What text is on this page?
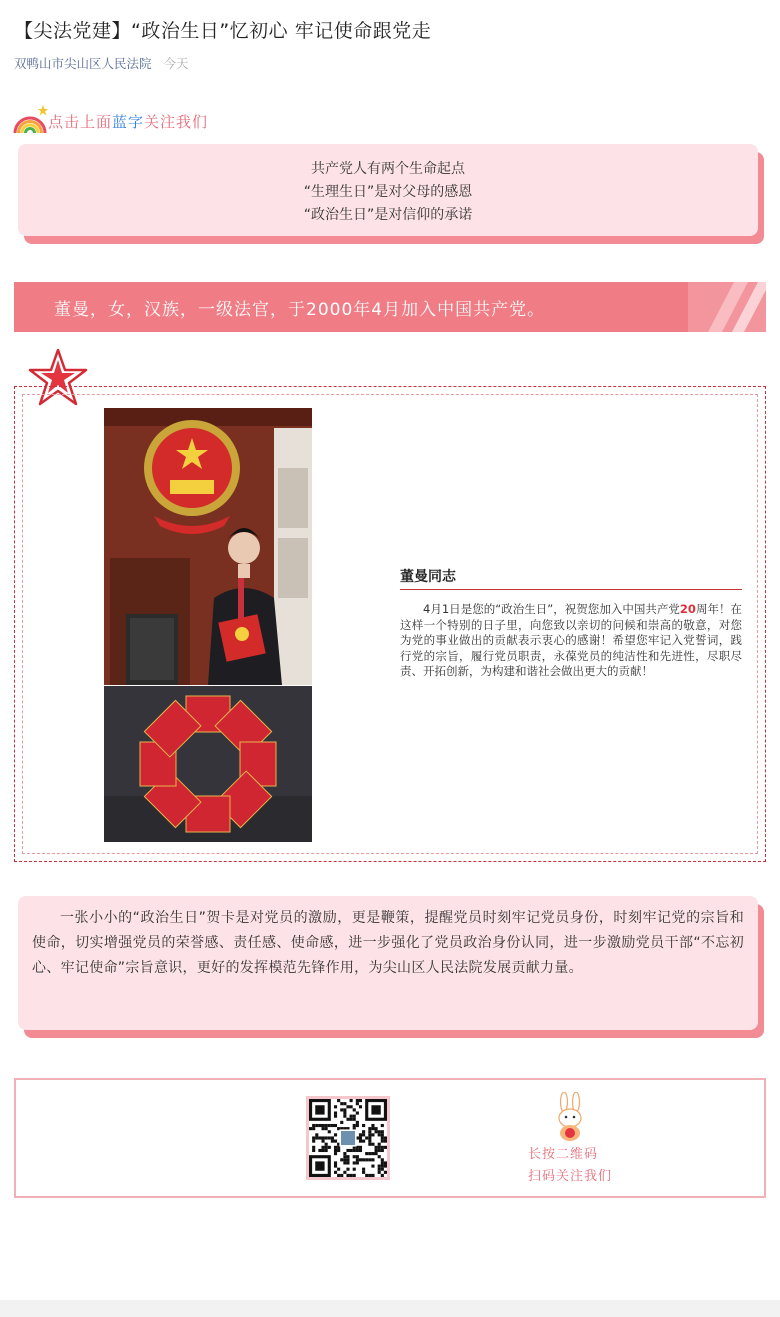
【尖法党建】“政治生日”忆初心 牢记使命跟党走
双鸭山市尖山区人民法院 今天
点击上面蓝字关注我们
共产党人有两个生命起点
“生理生日”是对父母的感恩
“政治生日”是对信仰的承诺
董曼，女，汉族，一级法官，于2000年4月加入中国共产党。
董曼同志
4月1日是您的“政治生日”，祝贺您加入中国共产党20周年！在这样一个特别的日子里，向您致以亲切的问候和崇高的敬意，对您为党的事业做出的贡献表示衷心的感谢！希望您牢记入党誓词，践行党的宗旨，履行党员职责，永葆党员的纯洁性和先进性，尽职尽责、开拓创新，为构建和谐社会做出更大的贡献！
一张小小的“政治生日”贺卡是对党员的激励，更是鞭策，提醒党员时刻牢记党员身份，时刻牢记党的宗旨和使命，切实增强党员的荣誉感、责任感、使命感，进一步强化了党员政治身份认同，进一步激励党员干部“不忘初心、牢记使命”宗旨意识，更好的发挥模范先锋作用，为尖山区人民法院发展贡献力量。
长按二维码
扫码关注我们
